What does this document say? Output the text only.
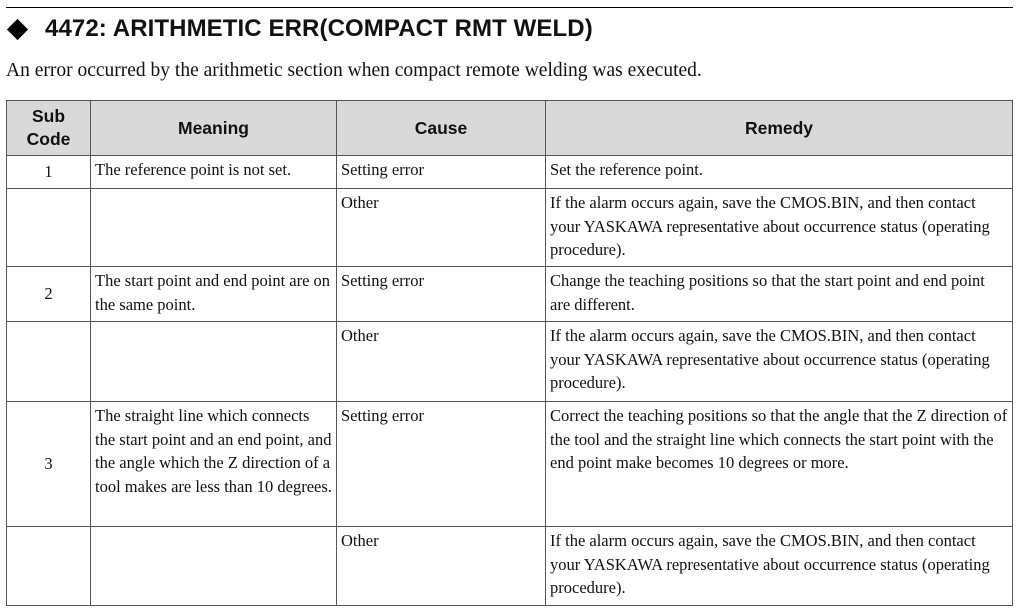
4472: ARITHMETIC ERR(COMPACT RMT WELD)
An error occurred by the arithmetic section when compact remote welding was executed.
Sub
Code	Meaning	Cause	Remedy
1	The reference point is not set.	Setting error	Set the reference point.
		Other	If the alarm occurs again, save the CMOS.BIN, and then contact your YASKAWA representative about occurrence status (operating procedure).
2	The start point and end point are on the same point.	Setting error	Change the teaching positions so that the start point and end point are different.
		Other	If the alarm occurs again, save the CMOS.BIN, and then contact your YASKAWA representative about occurrence status (operating procedure).
3	The straight line which connects the start point and an end point, and the angle which the Z direction of a tool makes are less than 10 degrees.	Setting error	Correct the teaching positions so that the angle that the Z direction of the tool and the straight line which connects the start point with the end point make becomes 10 degrees or more.
		Other	If the alarm occurs again, save the CMOS.BIN, and then contact your YASKAWA representative about occurrence status (operating procedure).
